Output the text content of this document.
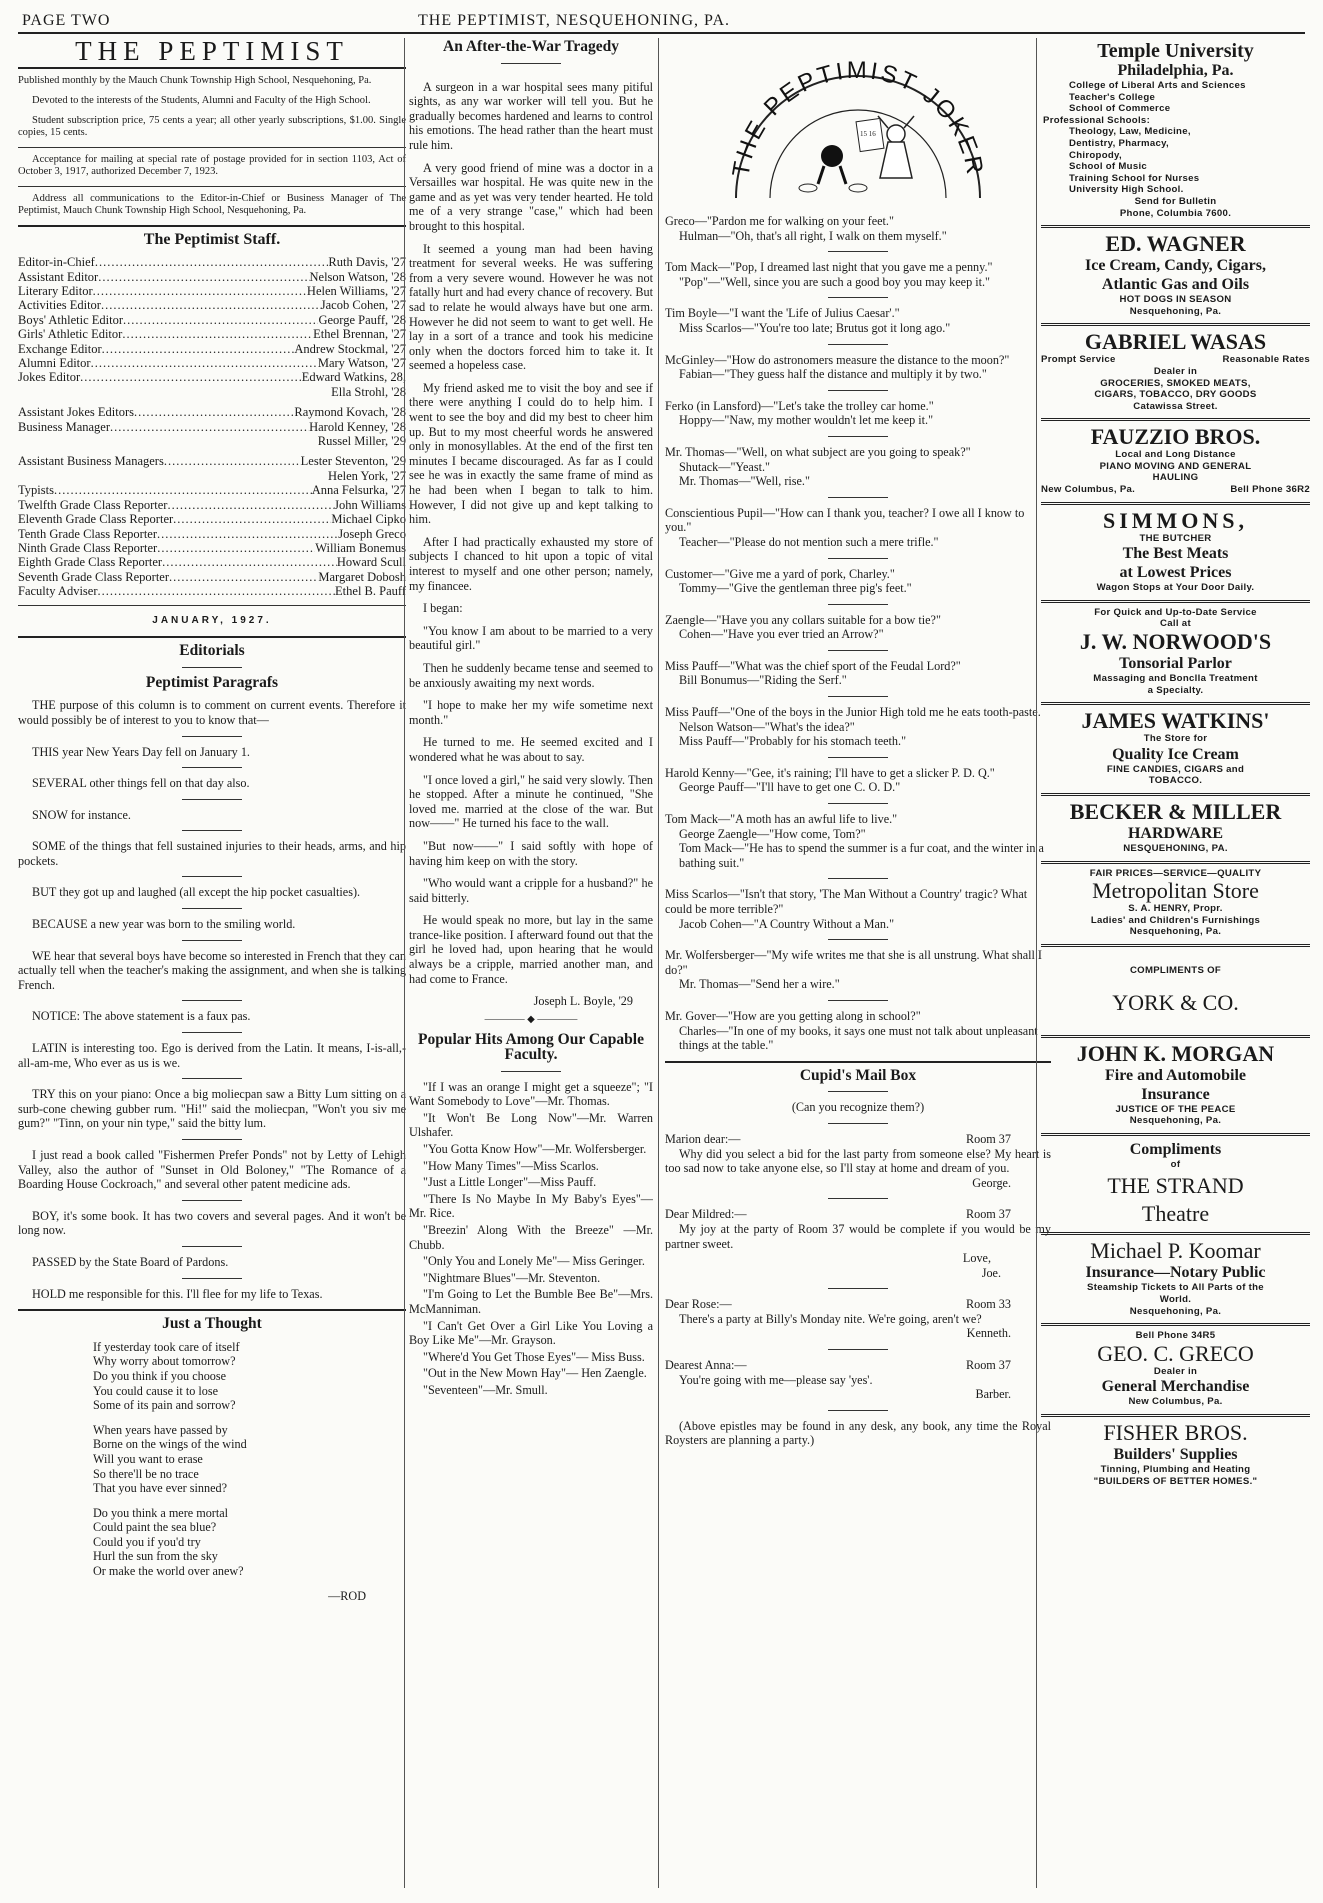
PAGE TWO	THE PEPTIMIST, NESQUEHONING, PA.
THE PEPTIMIST

Published monthly by the Mauch Chunk Township High School, Nesquehoning, Pa.

Devoted to the interests of the Students, Alumni and Faculty of the High School.

Student subscription price, 75 cents a year; all other yearly subscriptions, $1.00. Single copies, 15 cents.

Acceptance for mailing at special rate of postage provided for in section 1103, Act of October 3, 1917, authorized December 7, 1923.

Address all communications to the Editor-in-Chief or Business Manager of The Peptimist, Mauch Chunk Township High School, Nesquehoning, Pa.

The Peptimist Staff.
Editor-in-Chief .....	Ruth Davis, '27
Assistant Editor .....	Nelson Watson, '28
Literary Editor .....	Helen Williams, '27
Activities Editor .....	Jacob Cohen, '27
Boys' Athletic Editor .....	George Pauff, '28
Girls' Athletic Editor .....	Ethel Brennan, '27
Exchange Editor .....	Andrew Stockmal, '27
Alumni Editor .....	Mary Watson, '27
Jokes Editor .....	Edward Watkins, 28,
Ella Strohl, '28
Assistant Jokes Editors .....	Raymond Kovach, '28
Business Manager .....	Harold Kenney, '28
Russel Miller, '29
Assistant Business Managers .....	Lester Steventon, '29
Helen York, '27
Typists .....	Anna Felsurka, '27
Twelfth Grade Class Reporter .....	John Williams
Eleventh Grade Class Reporter .....	Michael Cipko
Tenth Grade Class Reporter .....	Joseph Greco
Ninth Grade Class Reporter .....	William Bonemus
Eighth Grade Class Reporter .....	Howard Scull
Seventh Grade Class Reporter .....	Margaret Dobosh
Faculty Adviser .....	Ethel B. Pauff
JANUARY, 1927.
Editorials
Peptimist Paragrafs

THE purpose of this column is to comment on current events. Therefore it would possibly be of interest to you to know that—

THIS year New Years Day fell on January 1.

SEVERAL other things fell on that day also.

SNOW for instance.

SOME of the things that fell sustained injuries to their heads, arms, and hip pockets.

BUT they got up and laughed (all except the hip pocket casualties).

BECAUSE a new year was born to the smiling world.

WE hear that several boys have become so interested in French that they can actually tell when the teacher's making the assignment, and when she is talking French.

NOTICE: The above statement is a faux pas.

LATIN is interesting too. Ego is derived from the Latin. It means, I-is-all,-all-am-me, Who ever as us is we.

TRY this on your piano: Once a big moliecpan saw a Bitty Lum sitting on a surb-cone chewing gubber rum. "Hi!" said the moliecpan, "Won't you siv me gum?" "Tinn, on your nin type," said the bitty lum.

I just read a book called "Fishermen Prefer Ponds" not by Letty of Lehigh Valley, also the author of "Sunset in Old Boloney," "The Romance of a Boarding House Cockroach," and several other patent medicine ads.

BOY, it's some book. It has two covers and several pages. And it won't be long now.

PASSED by the State Board of Pardons.

HOLD me responsible for this. I'll flee for my life to Texas.

Just a Thought
If yesterday took care of itself
Why worry about tomorrow?
Do you think if you choose
You could cause it to lose
Some of its pain and sorrow?
When years have passed by
Borne on the wings of the wind
Will you want to erase
So there'll be no trace
That you have ever sinned?
Do you think a mere mortal
Could paint the sea blue?
Could you if you'd try
Hurl the sun from the sky
Or make the world over anew?
—ROD
An After-the-War Tragedy

A surgeon in a war hospital sees many pitiful sights, as any war worker will tell you. But he gradually becomes hardened and learns to control his emotions. The head rather than the heart must rule him.

A very good friend of mine was a doctor in a Versailles war hospital. He was quite new in the game and as yet was very tender hearted. He told me of a very strange "case," which had been brought to this hospital.

It seemed a young man had been having treatment for several weeks. He was suffering from a very severe wound. However he was not fatally hurt and had every chance of recovery. But sad to relate he would always have but one arm. However he did not seem to want to get well. He lay in a sort of a trance and took his medicine only when the doctors forced him to take it. It seemed a hopeless case.

My friend asked me to visit the boy and see if there were anything I could do to help him. I went to see the boy and did my best to cheer him up. But to my most cheerful words he answered only in monosyllables. At the end of the first ten minutes I became discouraged. As far as I could see he was in exactly the same frame of mind as he had been when I began to talk to him. However, I did not give up and kept talking to him.

After I had practically exhausted my store of subjects I chanced to hit upon a topic of vital interest to myself and one other person; namely, my financee.

I began:

"You know I am about to be married to a very beautiful girl."

Then he suddenly became tense and seemed to be anxiously awaiting my next words.

"I hope to make her my wife sometime next month."

He turned to me. He seemed excited and I wondered what he was about to say.

"I once loved a girl," he said very slowly. Then he stopped. After a minute he continued, "She loved me. married at the close of the war. But now——" He turned his face to the wall.

"But now——" I said softly with hope of having him keep on with the story.

"Who would want a cripple for a husband?" he said bitterly.

He would speak no more, but lay in the same trance-like position. I afterward found out that the girl he loved had, upon hearing that he would always be a cripple, married another man, and had come to France.

Joseph L. Boyle, '29
———— ◆ ————
Popular Hits Among Our Capable Faculty.

"If I was an orange I might get a squeeze"; "I Want Somebody to Love"—Mr. Thomas.

"It Won't Be Long Now"—Mr. Warren Ulshafer.

"You Gotta Know How"—Mr. Wolfersberger.

"How Many Times"—Miss Scarlos.

"Just a Little Longer"—Miss Pauff.

"There Is No Maybe In My Baby's Eyes"—Mr. Rice.

"Breezin' Along With the Breeze" —Mr. Chubb.

"Only You and Lonely Me"— Miss Geringer.

"Nightmare Blues"—Mr. Steventon.

"I'm Going to Let the Bumble Bee Be"—Mrs. McManniman.

"I Can't Get Over a Girl Like You Loving a Boy Like Me"—Mr. Grayson.

"Where'd You Get Those Eyes"— Miss Buss.

"Out in the New Mown Hay"— Hen Zaengle.

"Seventeen"—Mr. Smull.

THE PEPTIMIST JOKER
15 16
Greco—"Pardon me for walking on your feet."
Hulman—"Oh, that's all right, I walk on them myself."
Tom Mack—"Pop, I dreamed last night that you gave me a penny."
"Pop"—"Well, since you are such a good boy you may keep it."
Tim Boyle—"I want the 'Life of Julius Caesar'."
Miss Scarlos—"You're too late; Brutus got it long ago."
McGinley—"How do astronomers measure the distance to the moon?"
Fabian—"They guess half the distance and multiply it by two."
Ferko (in Lansford)—"Let's take the trolley car home."
Hoppy—"Naw, my mother wouldn't let me keep it."
Mr. Thomas—"Well, on what subject are you going to speak?"
Shutack—"Yeast."
Mr. Thomas—"Well, rise."
Conscientious Pupil—"How can I thank you, teacher? I owe all I know to you."
Teacher—"Please do not mention such a mere trifle."
Customer—"Give me a yard of pork, Charley."
Tommy—"Give the gentleman three pig's feet."
Zaengle—"Have you any collars suitable for a bow tie?"
Cohen—"Have you ever tried an Arrow?"
Miss Pauff—"What was the chief sport of the Feudal Lord?"
Bill Bonumus—"Riding the Serf."
Miss Pauff—"One of the boys in the Junior High told me he eats tooth-paste.
Nelson Watson—"What's the idea?"
Miss Pauff—"Probably for his stomach teeth."
Harold Kenny—"Gee, it's raining; I'll have to get a slicker P. D. Q."
George Pauff—"I'll have to get one C. O. D."
Tom Mack—"A moth has an awful life to live."
George Zaengle—"How come, Tom?"
Tom Mack—"He has to spend the summer is a fur coat, and the winter in a bathing suit."
Miss Scarlos—"Isn't that story, 'The Man Without a Country' tragic? What could be more terrible?"
Jacob Cohen—"A Country Without a Man."
Mr. Wolfersberger—"My wife writes me that she is all unstrung. What shall I do?"
Mr. Thomas—"Send her a wire."
Mr. Gover—"How are you getting along in school?"
Charles—"In one of my books, it says one must not talk about unpleasant things at the table."
Cupid's Mail Box
(Can you recognize them?)
Marion dear:—	Room 37
Why did you select a bid for the last party from someone else? My heart is too sad now to take anyone else, so I'll stay at home and dream of you.
George.
Dear Mildred:—	Room 37
My joy at the party of Room 37 would be complete if you would be my partner sweet.
Love,
Joe.
Dear Rose:—	Room 33
There's a party at Billy's Monday nite. We're going, aren't we?
Kenneth.
Dearest Anna:—	Room 37
You're going with me—please say 'yes'.
Barber.

(Above epistles may be found in any desk, any book, any time the Royal Roysters are planning a party.)

Temple University
Philadelphia, Pa.
College of Liberal Arts and Sciences
Teacher's College
School of Commerce
Professional Schools:
Theology, Law, Medicine,
Dentistry, Pharmacy,
Chiropody,
School of Music
Training School for Nurses
University High School.
Send for Bulletin
Phone, Columbia 7600.
ED. WAGNER
Ice Cream, Candy, Cigars,
Atlantic Gas and Oils
HOT DOGS IN SEASON
Nesquehoning, Pa.
GABRIEL WASAS
Prompt Service	Reasonable Rates
Dealer in
GROCERIES, SMOKED MEATS,
CIGARS, TOBACCO, DRY GOODS
Catawissa Street.
FAUZZIO BROS.
Local and Long Distance
PIANO MOVING AND GENERAL
HAULING
New Columbus, Pa.	Bell Phone 36R2
SIMMONS,
THE BUTCHER
The Best Meats
at Lowest Prices
Wagon Stops at Your Door Daily.
For Quick and Up-to-Date Service
Call at
J. W. NORWOOD'S
Tonsorial Parlor
Massaging and Bonclla Treatment
a Specialty.
JAMES WATKINS'
The Store for
Quality Ice Cream
FINE CANDIES, CIGARS and
TOBACCO.
BECKER & MILLER
HARDWARE
NESQUEHONING, PA.
FAIR PRICES—SERVICE—QUALITY
Metropolitan Store
S. A. HENRY, Propr.
Ladies' and Children's Furnishings
Nesquehoning, Pa.
COMPLIMENTS OF
YORK & CO.
JOHN K. MORGAN
Fire and Automobile
Insurance
JUSTICE OF THE PEACE
Nesquehoning, Pa.
Compliments
of
THE STRAND
Theatre
Michael P. Koomar
Insurance—Notary Public
Steamship Tickets to All Parts of the
World.
Nesquehoning, Pa.
Bell Phone 34R5
GEO. C. GRECO
Dealer in
General Merchandise
New Columbus, Pa.
FISHER BROS.
Builders' Supplies
Tinning, Plumbing and Heating
"BUILDERS OF BETTER HOMES."
